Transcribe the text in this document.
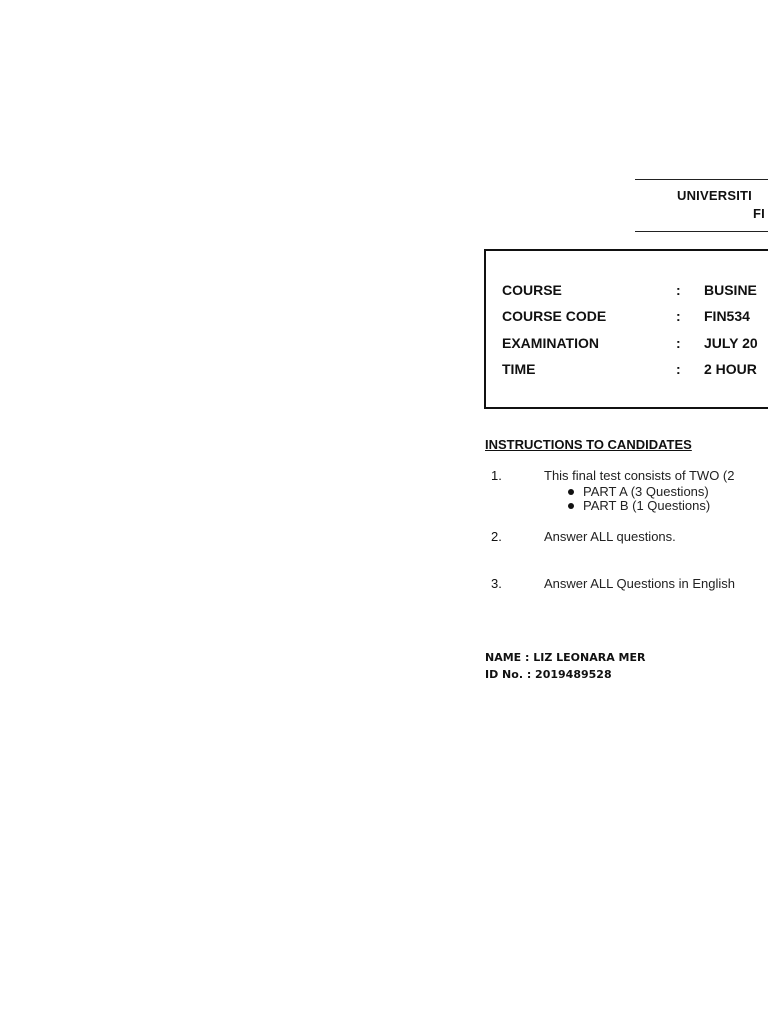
UNIVERSITI
FI
COURSE	: BUSINE
COURSE CODE	: FIN534
EXAMINATION	: JULY 20
TIME	: 2 HOUR
INSTRUCTIONS TO CANDIDATES
1.	This final test consists of TWO (2
PART A (3 Questions)
PART B (1 Questions)
2.	Answer ALL questions.
3.	Answer ALL Questions in English
NAME : LIZ LEONARA MER
ID No. : 2019489528
